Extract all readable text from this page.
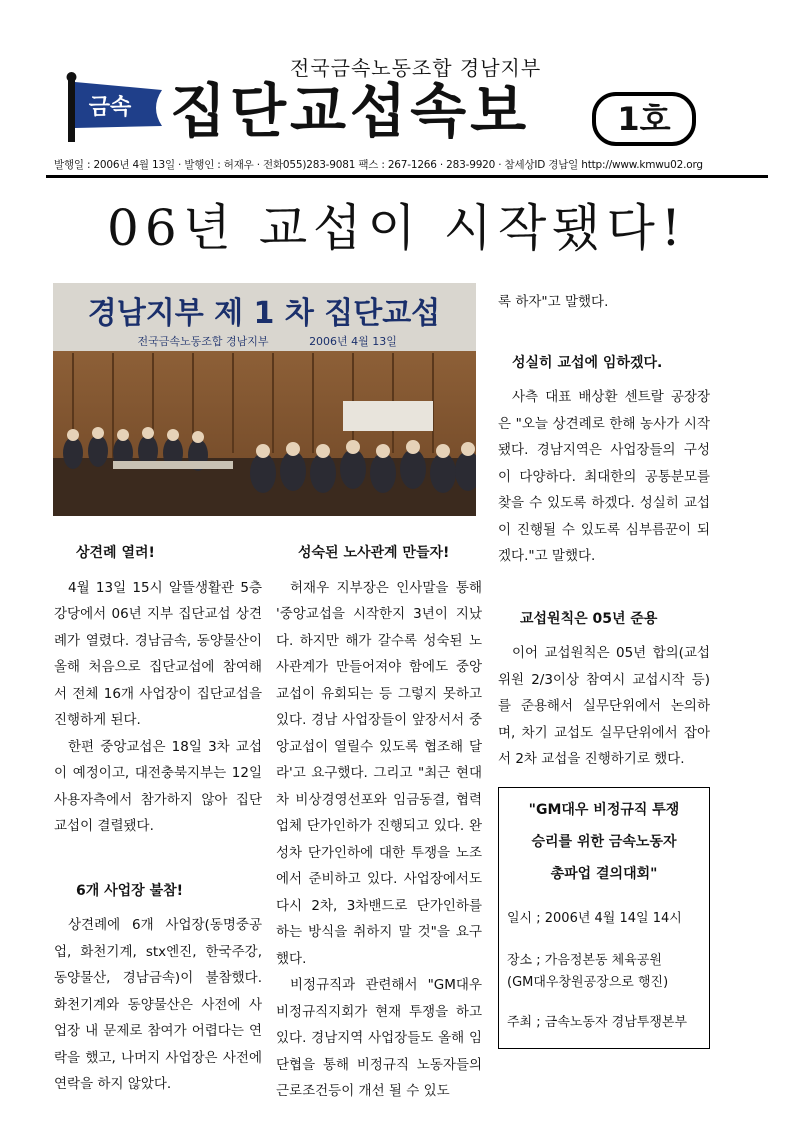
전국금속노동조합 경남지부
금속 집단교섭속보	1호
발행일 : 2006년 4월 13일 · 발행인 : 허재우 · 전화055)283-9081 팩스 : 267-1266 · 283-9920 · 참세상ID 경남일 http://www.kmwu02.org
06년 교섭이 시작됐다!
경남지부 제 1 차 집단교섭
전국금속노동조합 경남지부	2006년 4월 13일
상견례 열려!

4월 13일 15시 알뜰생활관 5층 강당에서 06년 지부 집단교섭 상견례가 열렸다. 경남금속, 동양물산이 올해 처음으로 집단교섭에 참여해서 전체 16개 사업장이 집단교섭을 진행하게 된다.

한편 중앙교섭은 18일 3차 교섭이 예정이고, 대전충북지부는 12일 사용자측에서 참가하지 않아 집단교섭이 결렬됐다.

6개 사업장 불참!

상견례에 6개 사업장(동명중공업, 화천기계, stx엔진, 한국주강, 동양물산, 경남금속)이 불참했다. 화천기계와 동양물산은 사전에 사업장 내 문제로 참여가 어렵다는 연락을 했고, 나머지 사업장은 사전에 연락을 하지 않았다.

성숙된 노사관계 만들자!

허재우 지부장은 인사말을 통해 '중앙교섭을 시작한지 3년이 지났다. 하지만 해가 갈수록 성숙된 노사관계가 만들어져야 함에도 중앙교섭이 유회되는 등 그렇지 못하고 있다. 경남 사업장들이 앞장서서 중앙교섭이 열릴수 있도록 협조해 달라'고 요구했다. 그리고 "최근 현대차 비상경영선포와 임금동결, 협력업체 단가인하가 진행되고 있다. 완성차 단가인하에 대한 투쟁을 노조에서 준비하고 있다. 사업장에서도 다시 2차, 3차밴드로 단가인하를 하는 방식을 취하지 말 것"을 요구했다.

비정규직과 관련해서 "GM대우 비정규직지회가 현재 투쟁을 하고 있다. 경남지역 사업장들도 올해 임단협을 통해 비정규직 노동자들의 근로조건등이 개선 될 수 있도

록 하자"고 말했다.
성실히 교섭에 임하겠다.

사측 대표 배상환 센트랄 공장장은 "오늘 상견례로 한해 농사가 시작됐다. 경남지역은 사업장들의 구성이 다양하다. 최대한의 공통분모를 찾을 수 있도록 하겠다. 성실히 교섭이 진행될 수 있도록 심부름꾼이 되겠다."고 말했다.

교섭원칙은 05년 준용

이어 교섭원칙은 05년 합의(교섭위원 2/3이상 참여시 교섭시작 등)를 준용해서 실무단위에서 논의하며, 차기 교섭도 실무단위에서 잡아서 2차 교섭을 진행하기로 했다.

"GM대우 비정규직 투쟁
승리를 위한 금속노동자
총파업 결의대회"
일시 ; 2006년 4월 14일 14시
장소 ; 가음정본동 체육공원
(GM대우창원공장으로 행진)
주최 ; 금속노동자 경남투쟁본부
